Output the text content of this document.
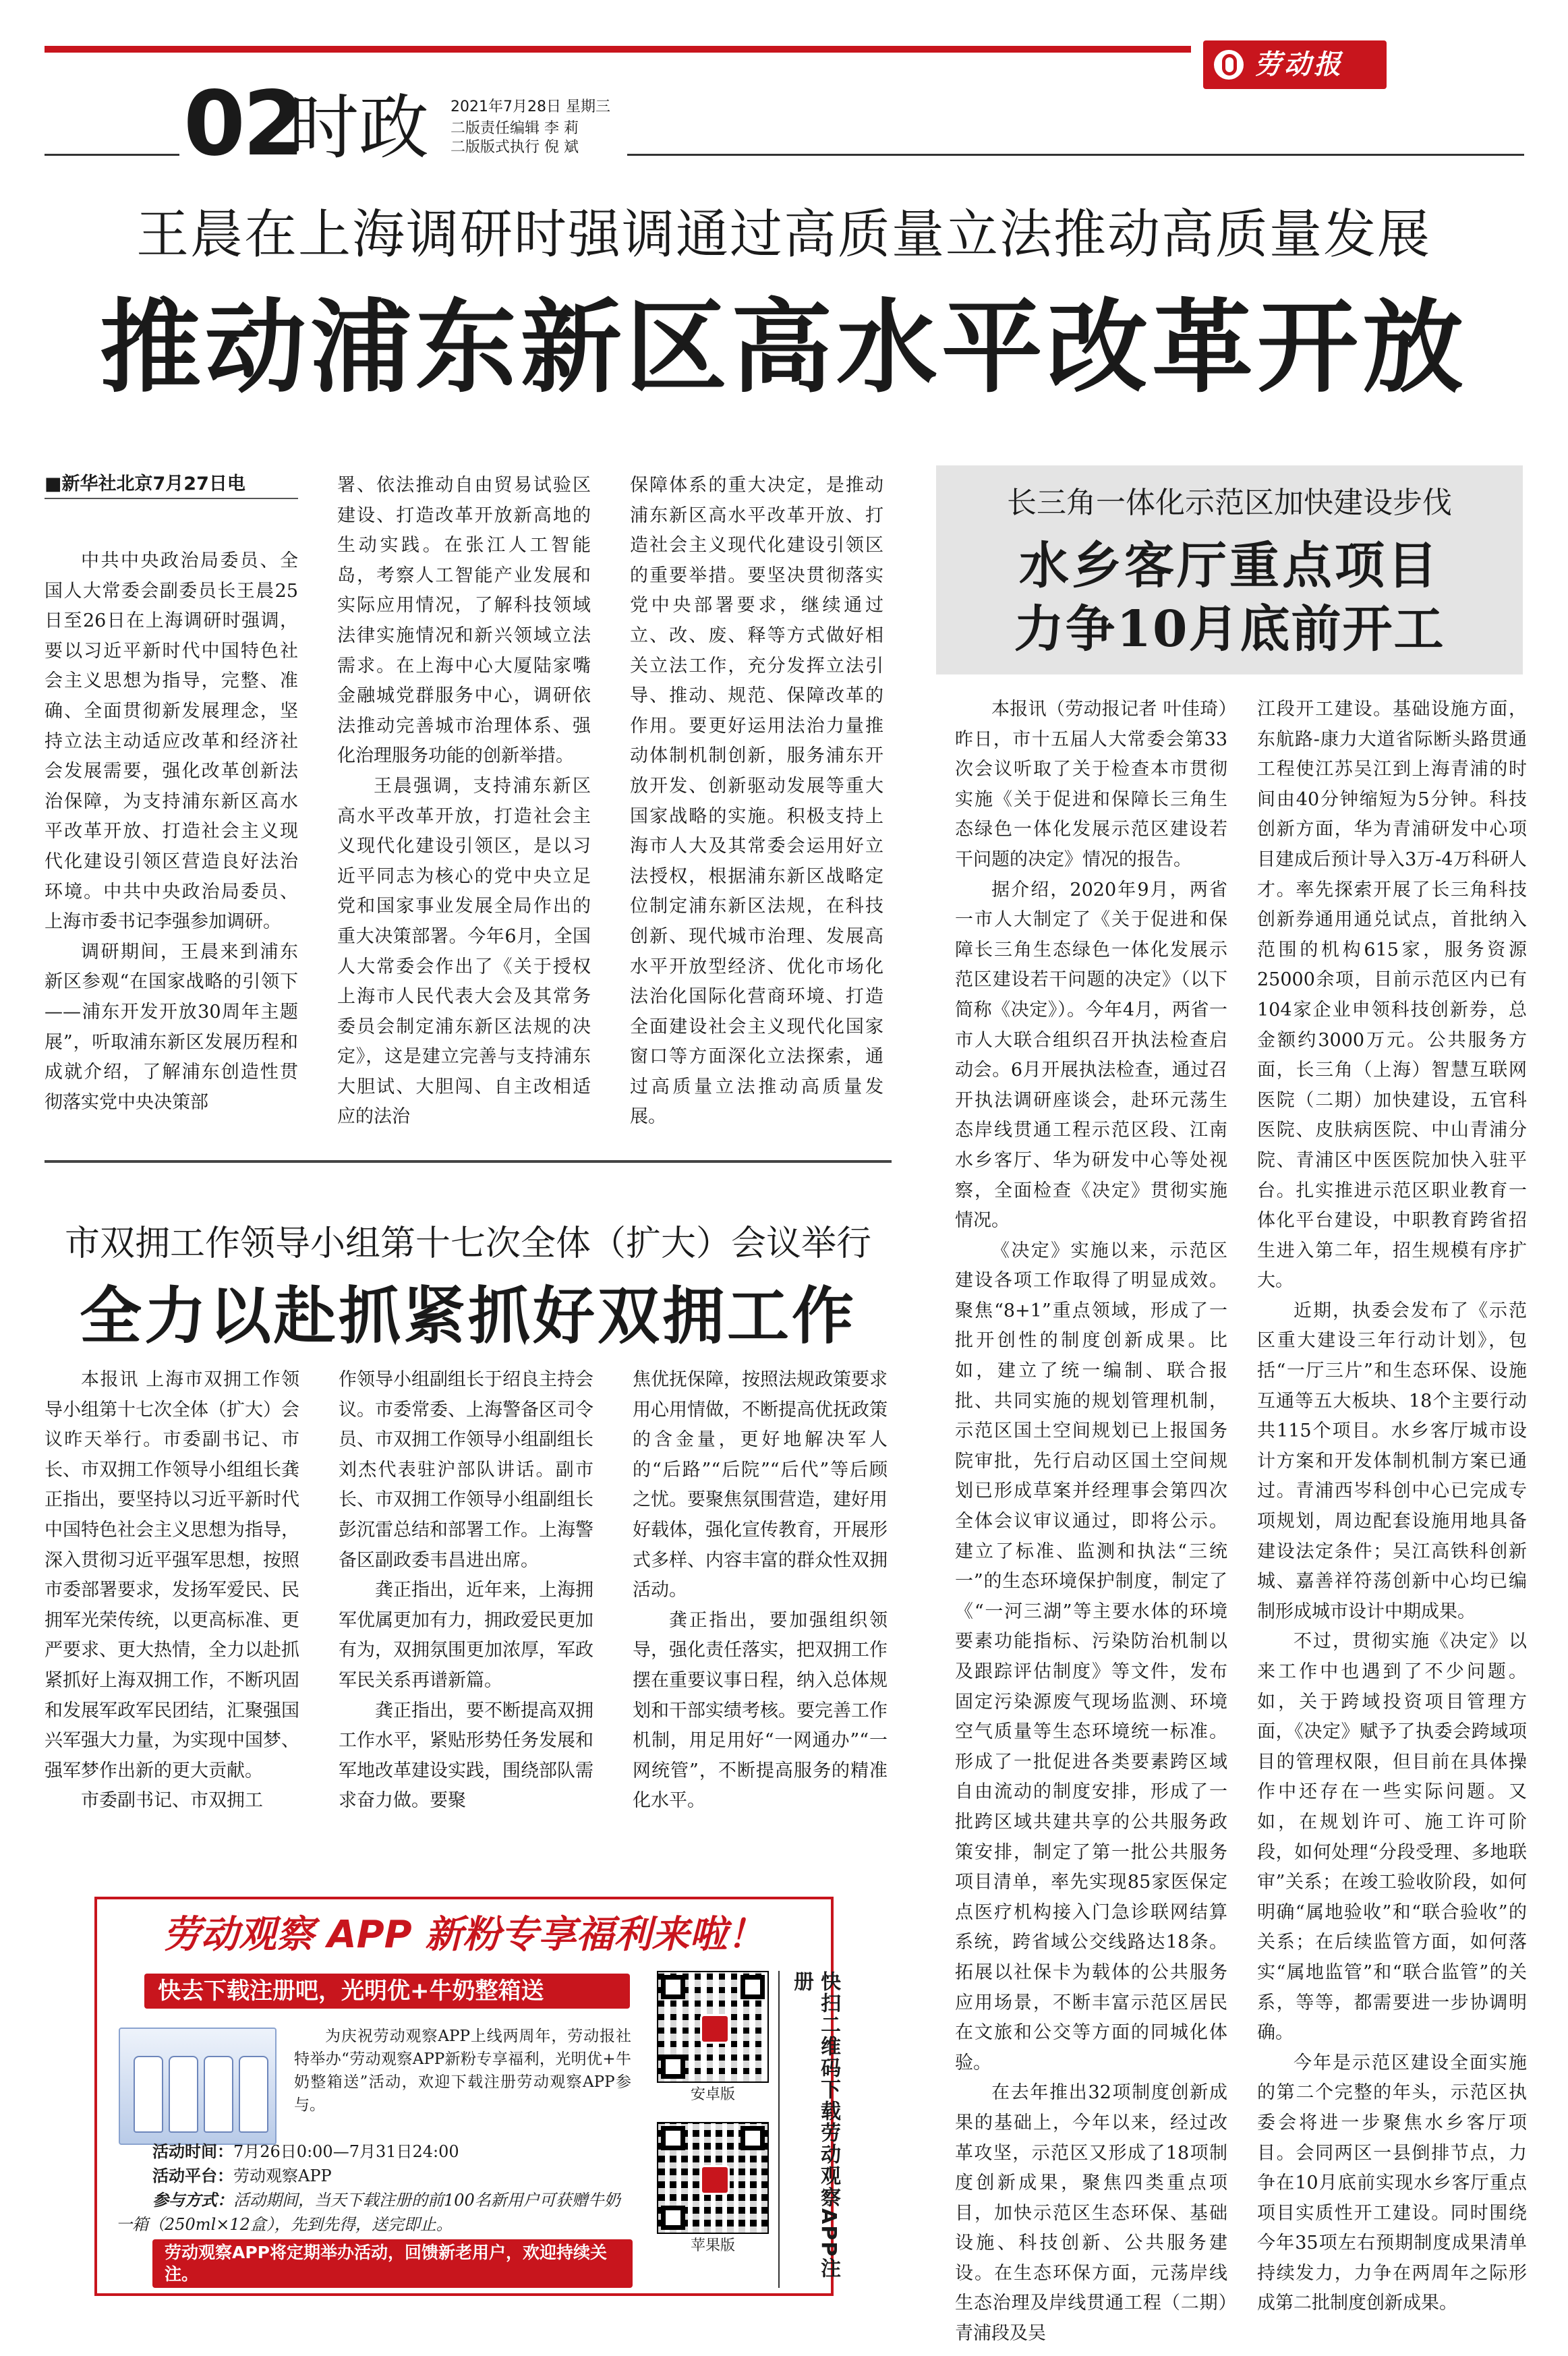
劳动报
02
时政 2021年7月28日 星期三
二版责任编辑 李 莉
二版版式执行 倪 斌
王晨在上海调研时强调通过高质量立法推动高质量发展
推动浦东新区高水平改革开放
■新华社北京7月27日电

中共中央政治局委员、全国人大常委会副委员长王晨25日至26日在上海调研时强调，要以习近平新时代中国特色社会主义思想为指导，完整、准确、全面贯彻新发展理念，坚持立法主动适应改革和经济社会发展需要，强化改革创新法治保障，为支持浦东新区高水平改革开放、打造社会主义现代化建设引领区营造良好法治环境。中共中央政治局委员、上海市委书记李强参加调研。

调研期间，王晨来到浦东新区参观“在国家战略的引领下——浦东开发开放30周年主题展”，听取浦东新区发展历程和成就介绍，了解浦东创造性贯彻落实党中央决策部

署、依法推动自由贸易试验区建设、打造改革开放新高地的生动实践。在张江人工智能岛，考察人工智能产业发展和实际应用情况，了解科技领域法律实施情况和新兴领域立法需求。在上海中心大厦陆家嘴金融城党群服务中心，调研依法推动完善城市治理体系、强化治理服务功能的创新举措。

王晨强调，支持浦东新区高水平改革开放，打造社会主义现代化建设引领区，是以习近平同志为核心的党中央立足党和国家事业发展全局作出的重大决策部署。今年6月，全国人大常委会作出了《关于授权上海市人民代表大会及其常务委员会制定浦东新区法规的决定》，这是建立完善与支持浦东大胆试、大胆闯、自主改相适应的法治

保障体系的重大决定，是推动浦东新区高水平改革开放、打造社会主义现代化建设引领区的重要举措。要坚决贯彻落实党中央部署要求，继续通过立、改、废、释等方式做好相关立法工作，充分发挥立法引导、推动、规范、保障改革的作用。要更好运用法治力量推动体制机制创新，服务浦东开放开发、创新驱动发展等重大国家战略的实施。积极支持上海市人大及其常委会运用好立法授权，根据浦东新区战略定位制定浦东新区法规，在科技创新、现代城市治理、发展高水平开放型经济、优化市场化法治化国际化营商环境、打造全面建设社会主义现代化国家窗口等方面深化立法探索，通过高质量立法推动高质量发展。

长三角一体化示范区加快建设步伐
水乡客厅重点项目
力争10月底前开工

本报讯（劳动报记者 叶佳琦）昨日，市十五届人大常委会第33次会议听取了关于检查本市贯彻实施《关于促进和保障长三角生态绿色一体化发展示范区建设若干问题的决定》情况的报告。

据介绍，2020年9月，两省一市人大制定了《关于促进和保障长三角生态绿色一体化发展示范区建设若干问题的决定》（以下简称《决定》）。今年4月，两省一市人大联合组织召开执法检查启动会。6月开展执法检查，通过召开执法调研座谈会，赴环元荡生态岸线贯通工程示范区段、江南水乡客厅、华为研发中心等处视察，全面检查《决定》贯彻实施情况。

《决定》实施以来，示范区建设各项工作取得了明显成效。聚焦“8+1”重点领域，形成了一批开创性的制度创新成果。比如，建立了统一编制、联合报批、共同实施的规划管理机制，示范区国土空间规划已上报国务院审批，先行启动区国土空间规划已形成草案并经理事会第四次全体会议审议通过，即将公示。建立了标准、监测和执法“三统一”的生态环境保护制度，制定了《“一河三湖”等主要水体的环境要素功能指标、污染防治机制以及跟踪评估制度》等文件，发布固定污染源废气现场监测、环境空气质量等生态环境统一标准。形成了一批促进各类要素跨区域自由流动的制度安排，形成了一批跨区域共建共享的公共服务政策安排，制定了第一批公共服务项目清单，率先实现85家医保定点医疗机构接入门急诊联网结算系统，跨省域公交线路达18条。拓展以社保卡为载体的公共服务应用场景，不断丰富示范区居民在文旅和公交等方面的同城化体验。

在去年推出32项制度创新成果的基础上，今年以来，经过改革攻坚，示范区又形成了18项制度创新成果，聚焦四类重点项目，加快示范区生态环保、基础设施、科技创新、公共服务建设。在生态环保方面，元荡岸线生态治理及岸线贯通工程（二期）青浦段及吴

江段开工建设。基础设施方面，东航路-康力大道省际断头路贯通工程使江苏吴江到上海青浦的时间由40分钟缩短为5分钟。科技创新方面，华为青浦研发中心项目建成后预计导入3万-4万科研人才。率先探索开展了长三角科技创新券通用通兑试点，首批纳入范围的机构615家，服务资源25000余项，目前示范区内已有104家企业申领科技创新券，总金额约3000万元。公共服务方面，长三角（上海）智慧互联网医院（二期）加快建设，五官科医院、皮肤病医院、中山青浦分院、青浦区中医医院加快入驻平台。扎实推进示范区职业教育一体化平台建设，中职教育跨省招生进入第二年，招生规模有序扩大。

近期，执委会发布了《示范区重大建设三年行动计划》，包括“一厅三片”和生态环保、设施互通等五大板块、18个主要行动共115个项目。水乡客厅城市设计方案和开发体制机制方案已通过。青浦西岑科创中心已完成专项规划，周边配套设施用地具备建设法定条件；吴江高铁科创新城、嘉善祥符荡创新中心均已编制形成城市设计中期成果。

不过，贯彻实施《决定》以来工作中也遇到了不少问题。如，关于跨域投资项目管理方面，《决定》赋予了执委会跨域项目的管理权限，但目前在具体操作中还存在一些实际问题。又如，在规划许可、施工许可阶段，如何处理“分段受理、多地联审”关系；在竣工验收阶段，如何明确“属地验收”和“联合验收”的关系；在后续监管方面，如何落实“属地监管”和“联合监管”的关系，等等，都需要进一步协调明确。

今年是示范区建设全面实施的第二个完整的年头，示范区执委会将进一步聚焦水乡客厅项目。会同两区一县倒排节点，力争在10月底前实现水乡客厅重点项目实质性开工建设。同时围绕今年35项左右预期制度成果清单持续发力，力争在两周年之际形成第二批制度创新成果。

市双拥工作领导小组第十七次全体（扩大）会议举行
全力以赴抓紧抓好双拥工作

本报讯 上海市双拥工作领导小组第十七次全体（扩大）会议昨天举行。市委副书记、市长、市双拥工作领导小组组长龚正指出，要坚持以习近平新时代中国特色社会主义思想为指导，深入贯彻习近平强军思想，按照市委部署要求，发扬军爱民、民拥军光荣传统，以更高标准、更严要求、更大热情，全力以赴抓紧抓好上海双拥工作，不断巩固和发展军政军民团结，汇聚强国兴军强大力量，为实现中国梦、强军梦作出新的更大贡献。

市委副书记、市双拥工

作领导小组副组长于绍良主持会议。市委常委、上海警备区司令员、市双拥工作领导小组副组长刘杰代表驻沪部队讲话。副市长、市双拥工作领导小组副组长彭沉雷总结和部署工作。上海警备区副政委韦昌进出席。

龚正指出，近年来，上海拥军优属更加有力，拥政爱民更加有为，双拥氛围更加浓厚，军政军民关系再谱新篇。

龚正指出，要不断提高双拥工作水平，紧贴形势任务发展和军地改革建设实践，围绕部队需求奋力做。要聚

焦优抚保障，按照法规政策要求用心用情做，不断提高优抚政策的含金量，更好地解决军人的“后路”“后院”“后代”等后顾之忧。要聚焦氛围营造，建好用好载体，强化宣传教育，开展形式多样、内容丰富的群众性双拥活动。

龚正指出，要加强组织领导，强化责任落实，把双拥工作摆在重要议事日程，纳入总体规划和干部实绩考核。要完善工作机制，用足用好“一网通办”“一网统管”，不断提高服务的精准化水平。

劳动观察 APP 新粉专享福利来啦！
快去下载注册吧，光明优+牛奶整箱送
为庆祝劳动观察APP上线两周年，劳动报社特举办“劳动观察APP新粉专享福利，光明优+牛奶整箱送”活动，欢迎下载注册劳动观察APP参与。
活动时间：7月26日0:00—7月31日24:00
活动平台：劳动观察APP
参与方式：活动期间，当天下载注册的前100名新用户可获赠牛奶一箱（250ml×12盒），先到先得，送完即止。
劳动观察APP将定期举办活动，回馈新老用户，欢迎持续关注。
安卓版
苹果版	快扫二维码下载劳动观察APP注册
